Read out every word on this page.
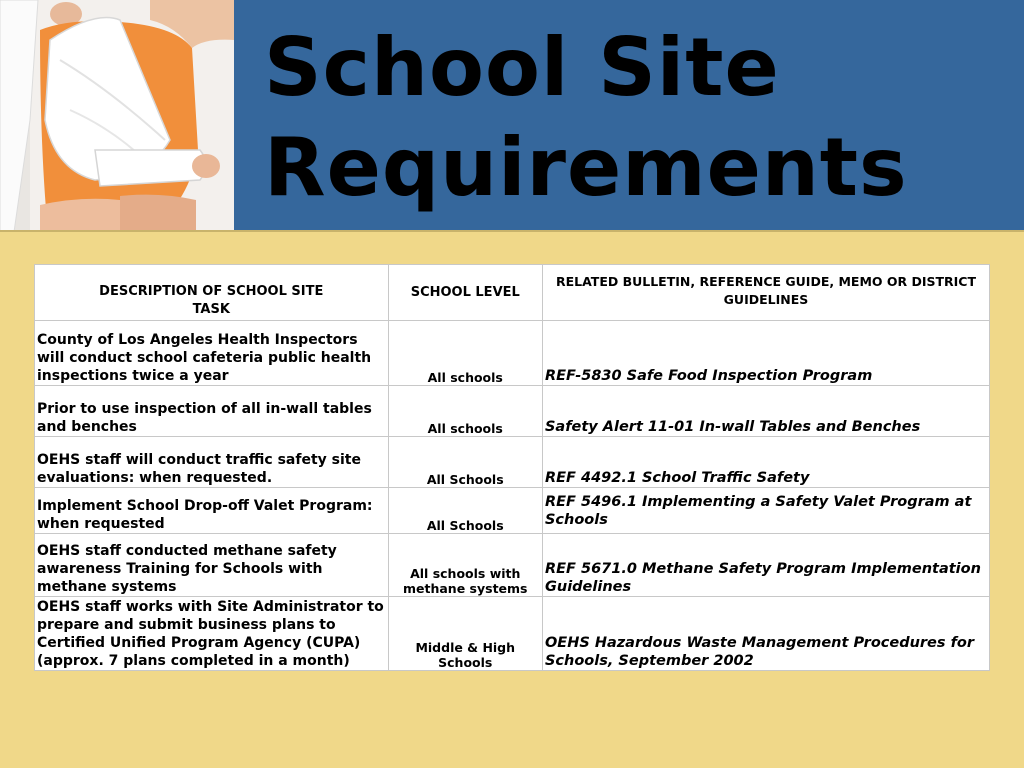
School Site
Requirements
DESCRIPTION OF SCHOOL SITE TASK	SCHOOL LEVEL	RELATED BULLETIN, REFERENCE GUIDE, MEMO OR DISTRICT GUIDELINES
County of Los Angeles Health Inspectors will conduct school cafeteria public health inspections twice a year	All schools	REF-5830 Safe Food Inspection Program
Prior to use inspection of all in-wall tables and benches	All schools	Safety Alert 11-01 In-wall Tables and Benches
OEHS staff will conduct traffic safety site evaluations: when requested.	All Schools	REF 4492.1 School Traffic Safety
Implement School Drop-off Valet Program: when requested	All Schools	REF 5496.1 Implementing a Safety Valet Program at Schools
OEHS staff conducted methane safety awareness Training for Schools with methane systems	All schools with methane systems	REF 5671.0 Methane Safety Program Implementation Guidelines
OEHS staff works with Site Administrator to prepare and submit business plans to Certified Unified Program Agency (CUPA) (approx. 7 plans completed in a month)	Middle & High Schools	OEHS Hazardous Waste Management Procedures for Schools, September 2002
